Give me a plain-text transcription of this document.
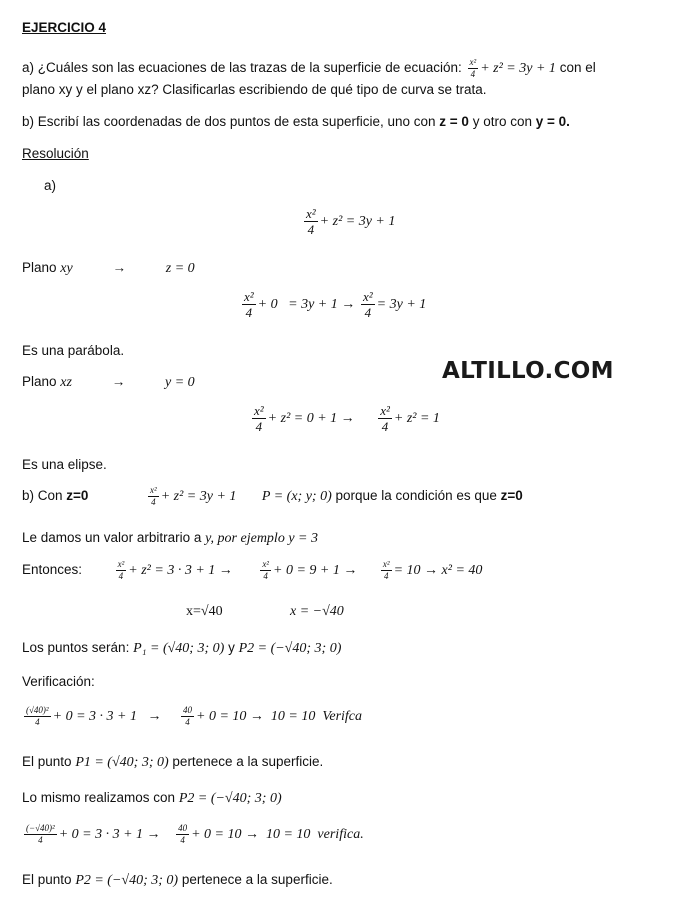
EJERCICIO 4
a) ¿Cuáles son las ecuaciones de las trazas de la superficie de ecuación: $\frac{\text{x²}}{4} + z^2 = 3y + 1$ con el
plano xy y el plano xz? Clasificarlas escribiendo de qué tipo de curva se trata.
b) Escribí las coordenadas de dos puntos de esta superficie, uno con z = 0 y otro con y = 0.
Resolución
a)
$\frac{\text{x²}}{4} + z^2 = 3y + 1$
Plano xy	→	z = 0
$\frac{\text{x²}}{4} + 0 = 3y + 1 \to \frac{\text{x²}}{4} = 3y + 1$
Es una parábola.
Plano xz	→	y = 0	ALTILLO.COM
$\frac{\text{x²}}{4} + z^2 = 0 + 1 \to \frac{\text{x²}}{4} + z^2 = 1$
Es una elipse.
b) Con z=0	$\frac{\text{x²}}{4} + z^2 = 3y + 1$ P = (x; y; 0) porque la condición es que z=0
Le damos un valor arbitrario a y, por ejemplo y = 3
Entonces:	$\frac{\text{x²}}{4} + z^2 = 3 \cdot 3 + 1$ →	$\frac{\text{x²}}{4} + 0 = 9 + 1$ →	$\frac{\text{x²}}{4} = 10 \to x^2 = 40$
x=√40	x = −√40
Los puntos serán: P₁ = (√40; 3; 0) y P2 = (−√40; 3; 0)
Verificación:
$\frac{\text{(√40)²}}{4} + 0 = 3 \cdot 3 + 1 \to \frac{40}{4} + 0 = 10 \to 10 = 10$  Verifca
El punto P1 = (√40; 3; 0) pertenece a la superficie.
Lo mismo realizamos con P2 = (−√40; 3; 0)
$\frac{\text{(−√40)²}}{4} + 0 = 3 \cdot 3 + 1 \to \frac{40}{4} + 0 = 10 \to 10 = 10$  verifica.
El punto P2 = (−√40; 3; 0) pertenece a la superficie.
